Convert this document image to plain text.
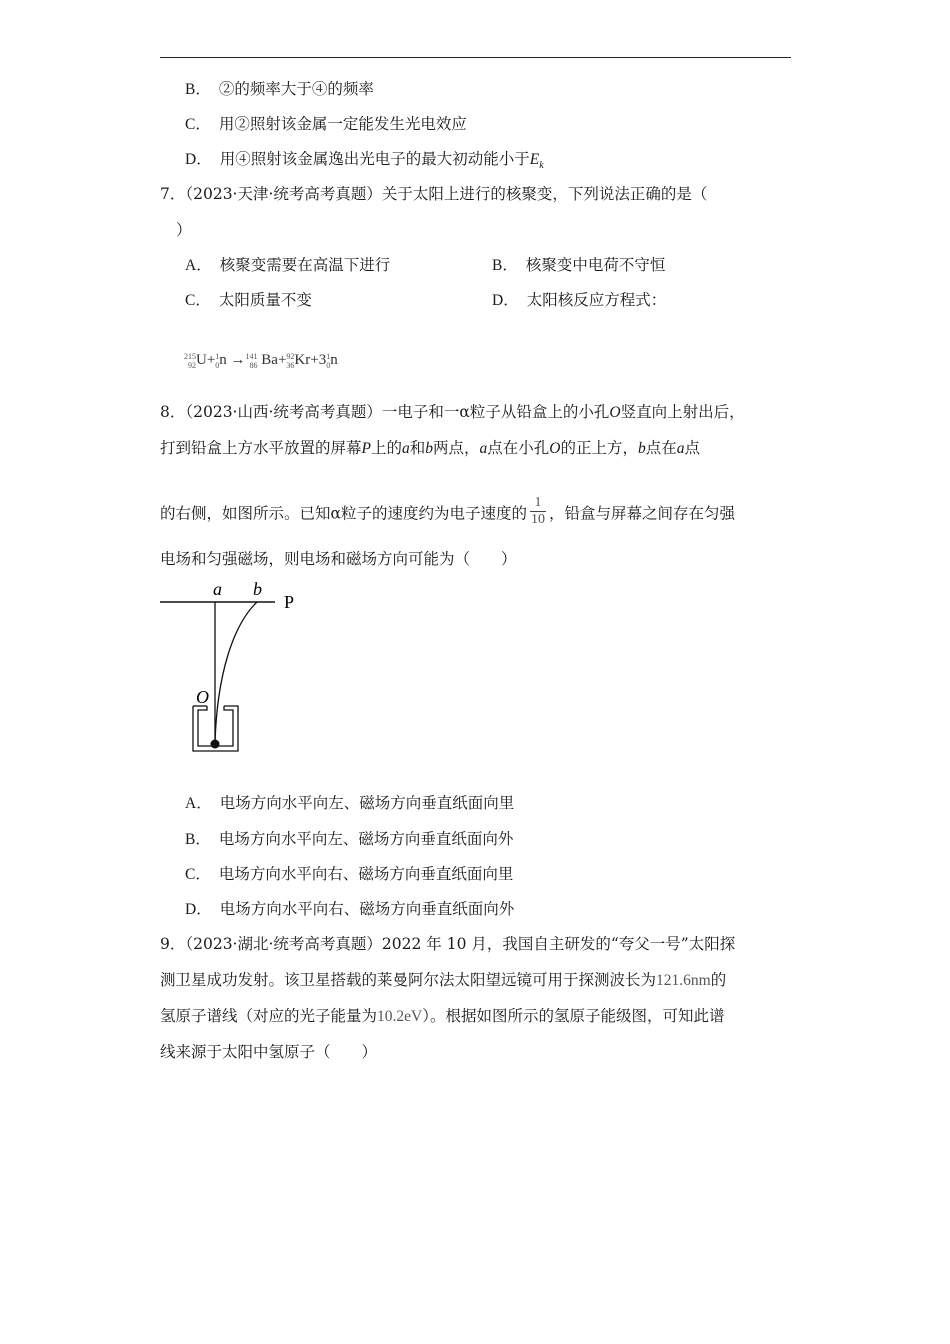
B． ②的频率大于④的频率
C． 用②照射该金属一定能发生光电效应
D． 用④照射该金属逸出光电子的最大初动能小于$E_k$
7．（2023·天津·统考高考真题）关于太阳上进行的核聚变，下列说法正确的是（
）
A． 核聚变需要在高温下进行	B． 核聚变中电荷不守恒
C． 太阳质量不变	D． 太阳核反应方程式：
215
92 U+ 1
0 n → 141
86 Ba+ 92
36 Kr+3 1
0 n
8．（2023·山西·统考高考真题）一电子和一α粒子从铅盒上的小孔O竖直向上射出后，
打到铅盒上方水平放置的屏幕P上的a和b两点，a点在小孔O的正上方，b点在a点
的右侧，如图所示。已知α粒子的速度约为电子速度的 $\frac{1}{10}$ ，铅盒与屏幕之间存在匀强
电场和匀强磁场，则电场和磁场方向可能为（　　）
a b
P
O
A． 电场方向水平向左、磁场方向垂直纸面向里
B． 电场方向水平向左、磁场方向垂直纸面向外
C． 电场方向水平向右、磁场方向垂直纸面向里
D． 电场方向水平向右、磁场方向垂直纸面向外
9．（2023·湖北·统考高考真题）2022 年 10 月，我国自主研发的“夸父一号”太阳探
测卫星成功发射。该卫星搭载的莱曼阿尔法太阳望远镜可用于探测波长为121.6nm的
氢原子谱线（对应的光子能量为10.2eV）。根据如图所示的氢原子能级图，可知此谱
线来源于太阳中氢原子（　　）
